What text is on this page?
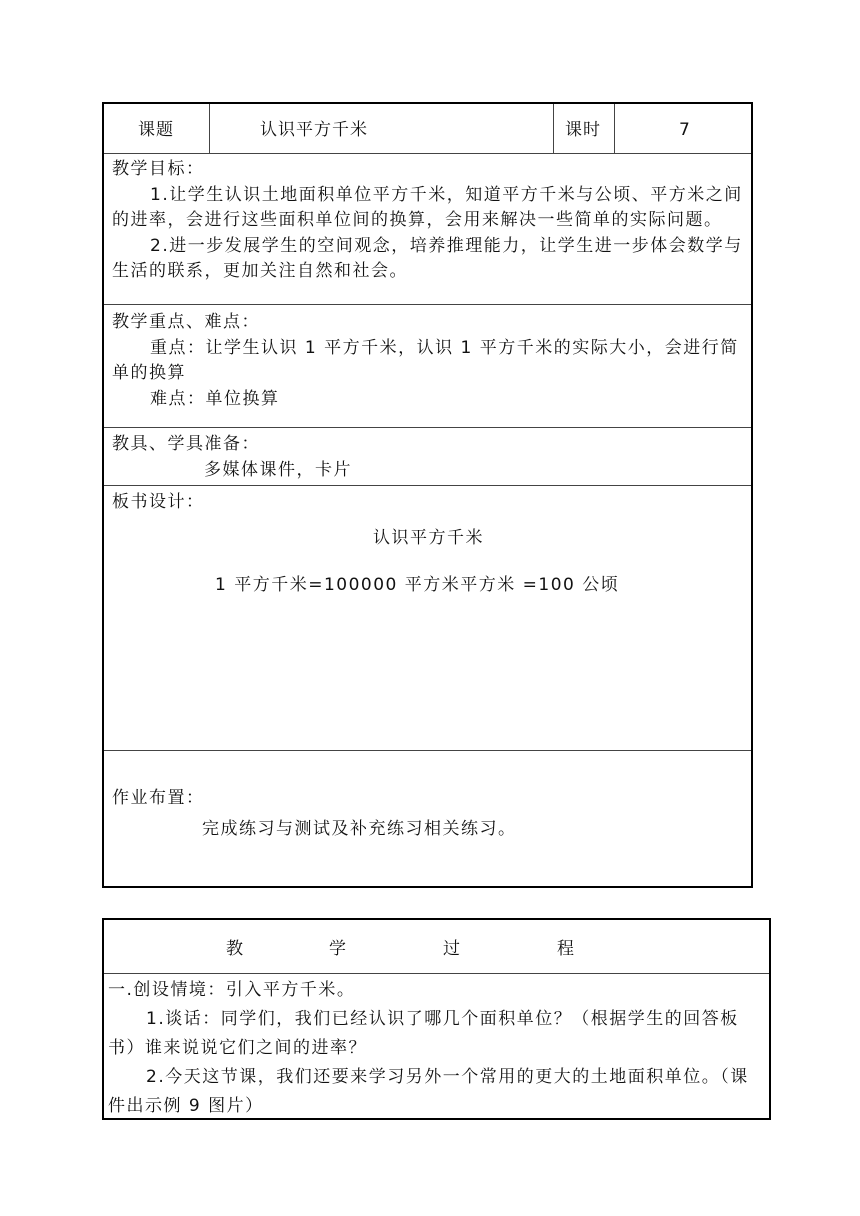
课题	认识平方千米	课时	7

教学目标：

1.让学生认识土地面积单位平方千米，知道平方千米与公顷、平方米之间的进率，会进行这些面积单位间的换算，会用来解决一些简单的实际问题。

2.进一步发展学生的空间观念，培养推理能力，让学生进一步体会数学与生活的联系，更加关注自然和社会。

教学重点、难点：

重点：让学生认识 1 平方千米，认识 1 平方千米的实际大小，会进行简单的换算

难点：单位换算

教具、学具准备：

多媒体课件，卡片

板书设计：

认识平方千米

1 平方千米=100000 平方米平方米 =100 公顷

作业布置：

完成练习与测试及补充练习相关练习。

教	学	过	程

一.创设情境：引入平方千米。

1.谈话：同学们，我们已经认识了哪几个面积单位？（根据学生的回答板书）谁来说说它们之间的进率？

2.今天这节课，我们还要来学习另外一个常用的更大的土地面积单位。（课件出示例 9 图片）
